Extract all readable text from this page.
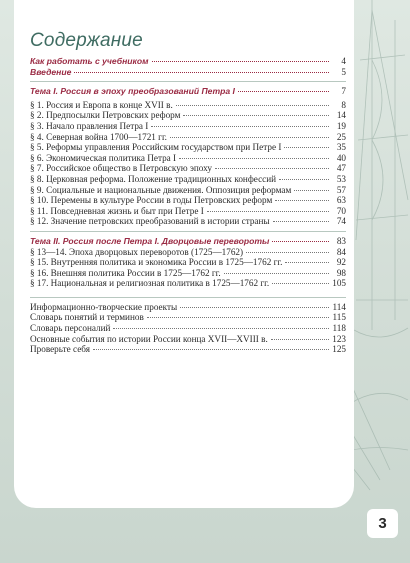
Содержание
Как работать с учебником	4
Введение	5
Тема I. Россия в эпоху преобразований Петра I	7
§ 1. Россия и Европа в конце XVII в.	8
§ 2. Предпосылки Петровских реформ	14
§ 3. Начало правления Петра I	19
§ 4. Северная война 1700—1721 гг.	25
§ 5. Реформы управления Российским государством при Петре I	35
§ 6. Экономическая политика Петра I	40
§ 7. Российское общество в Петровскую эпоху	47
§ 8. Церковная реформа. Положение традиционных конфессий	53
§ 9. Социальные и национальные движения. Оппозиция реформам	57
§ 10. Перемены в культуре России в годы Петровских реформ	63
§ 11. Повседневная жизнь и быт при Петре I	70
§ 12. Значение петровских преобразований в истории страны	74
Тема II. Россия после Петра I. Дворцовые перевороты	83
§ 13—14. Эпоха дворцовых переворотов (1725—1762)	84
§ 15. Внутренняя политика и экономика России в 1725—1762 гг.	92
§ 16. Внешняя политика России в 1725—1762 гг.	98
§ 17. Национальная и религиозная политика в 1725—1762 гг.	105
Информационно-творческие проекты	114
Словарь понятий и терминов	115
Словарь персоналий	118
Основные события по истории России конца XVII—XVIII в.	123
Проверьте себя	125
3
